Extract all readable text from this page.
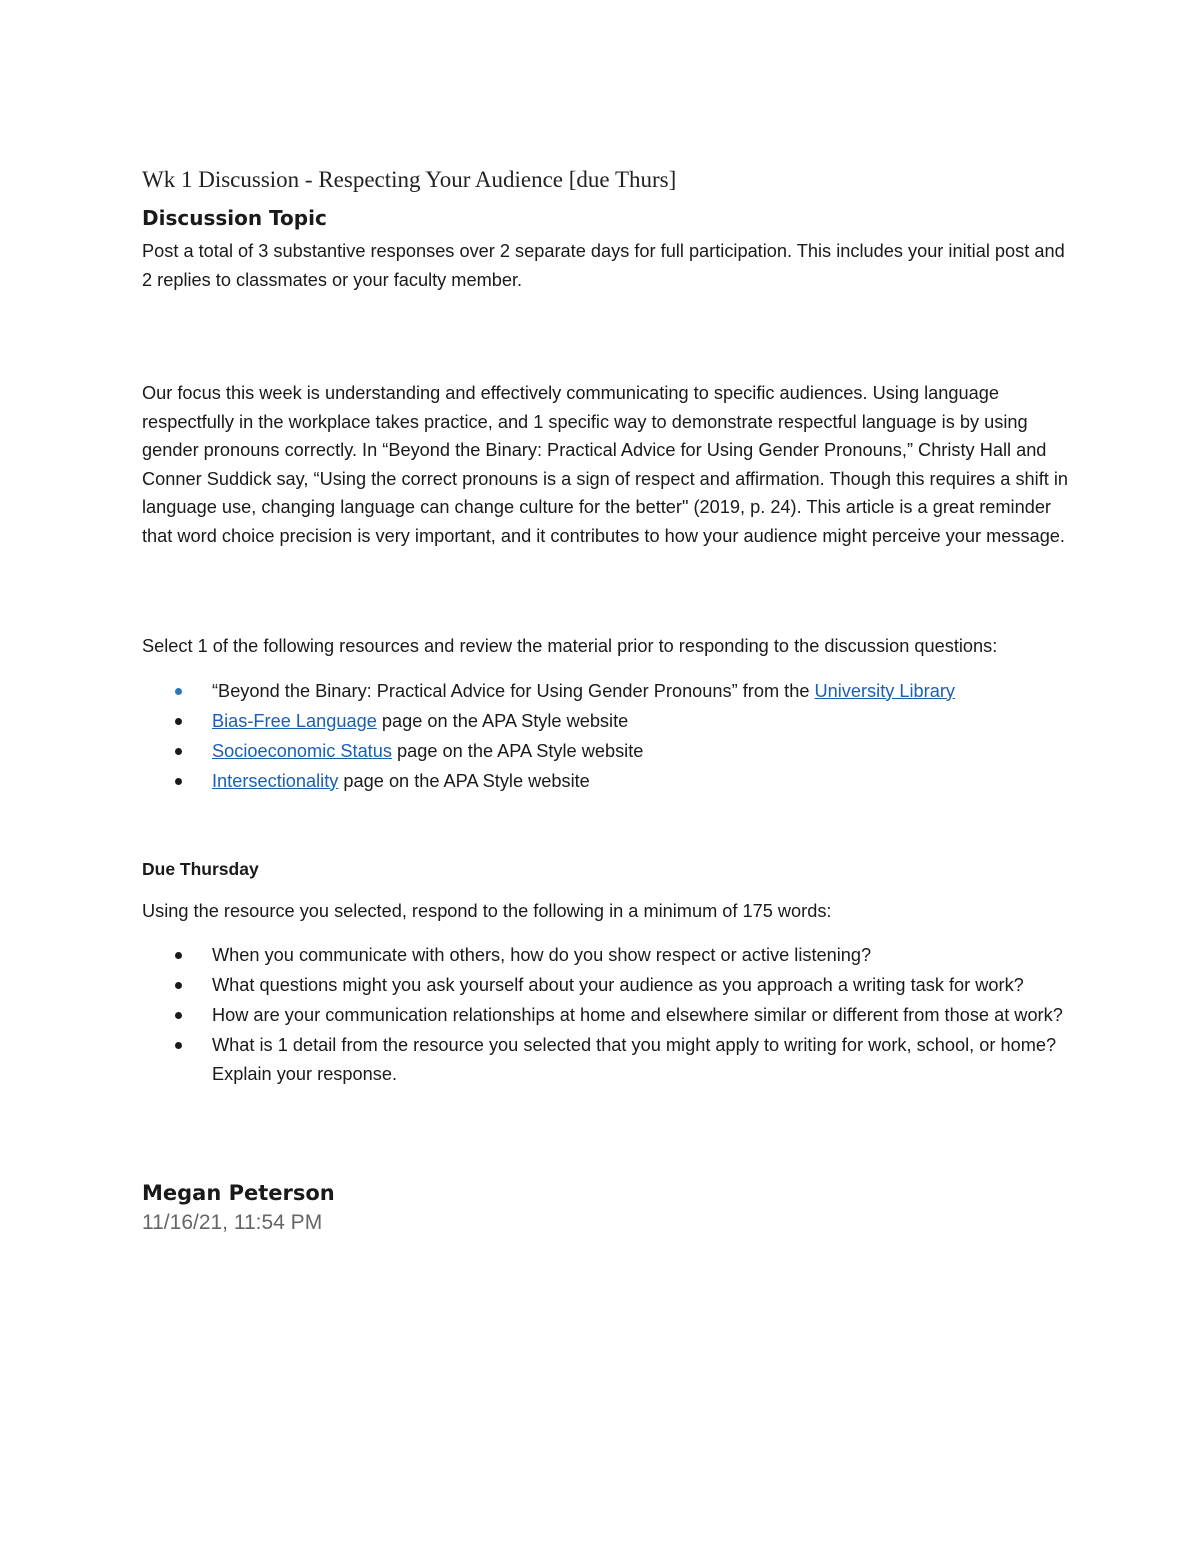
Wk 1 Discussion - Respecting Your Audience [due Thurs]
Discussion Topic

Post a total of 3 substantive responses over 2 separate days for full participation. This includes your initial post and 2 replies to classmates or your faculty member.

Our focus this week is understanding and effectively communicating to specific audiences. Using language respectfully in the workplace takes practice, and 1 specific way to demonstrate respectful language is by using gender pronouns correctly. In “Beyond the Binary: Practical Advice for Using Gender Pronouns,” Christy Hall and Conner Suddick say, “Using the correct pronouns is a sign of respect and affirmation. Though this requires a shift in language use, changing language can change culture for the better" (2019, p. 24). This article is a great reminder that word choice precision is very important, and it contributes to how your audience might perceive your message.

Select 1 of the following resources and review the material prior to responding to the discussion questions:

“Beyond the Binary: Practical Advice for Using Gender Pronouns” from the University Library
Bias-Free Language page on the APA Style website
Socioeconomic Status page on the APA Style website
Intersectionality page on the APA Style website

Due Thursday

Using the resource you selected, respond to the following in a minimum of 175 words:

When you communicate with others, how do you show respect or active listening?
What questions might you ask yourself about your audience as you approach a writing task for work?
How are your communication relationships at home and elsewhere similar or different from those at work?
What is 1 detail from the resource you selected that you might apply to writing for work, school, or home? Explain your response.

Megan Peterson

11/16/21, 11:54 PM
